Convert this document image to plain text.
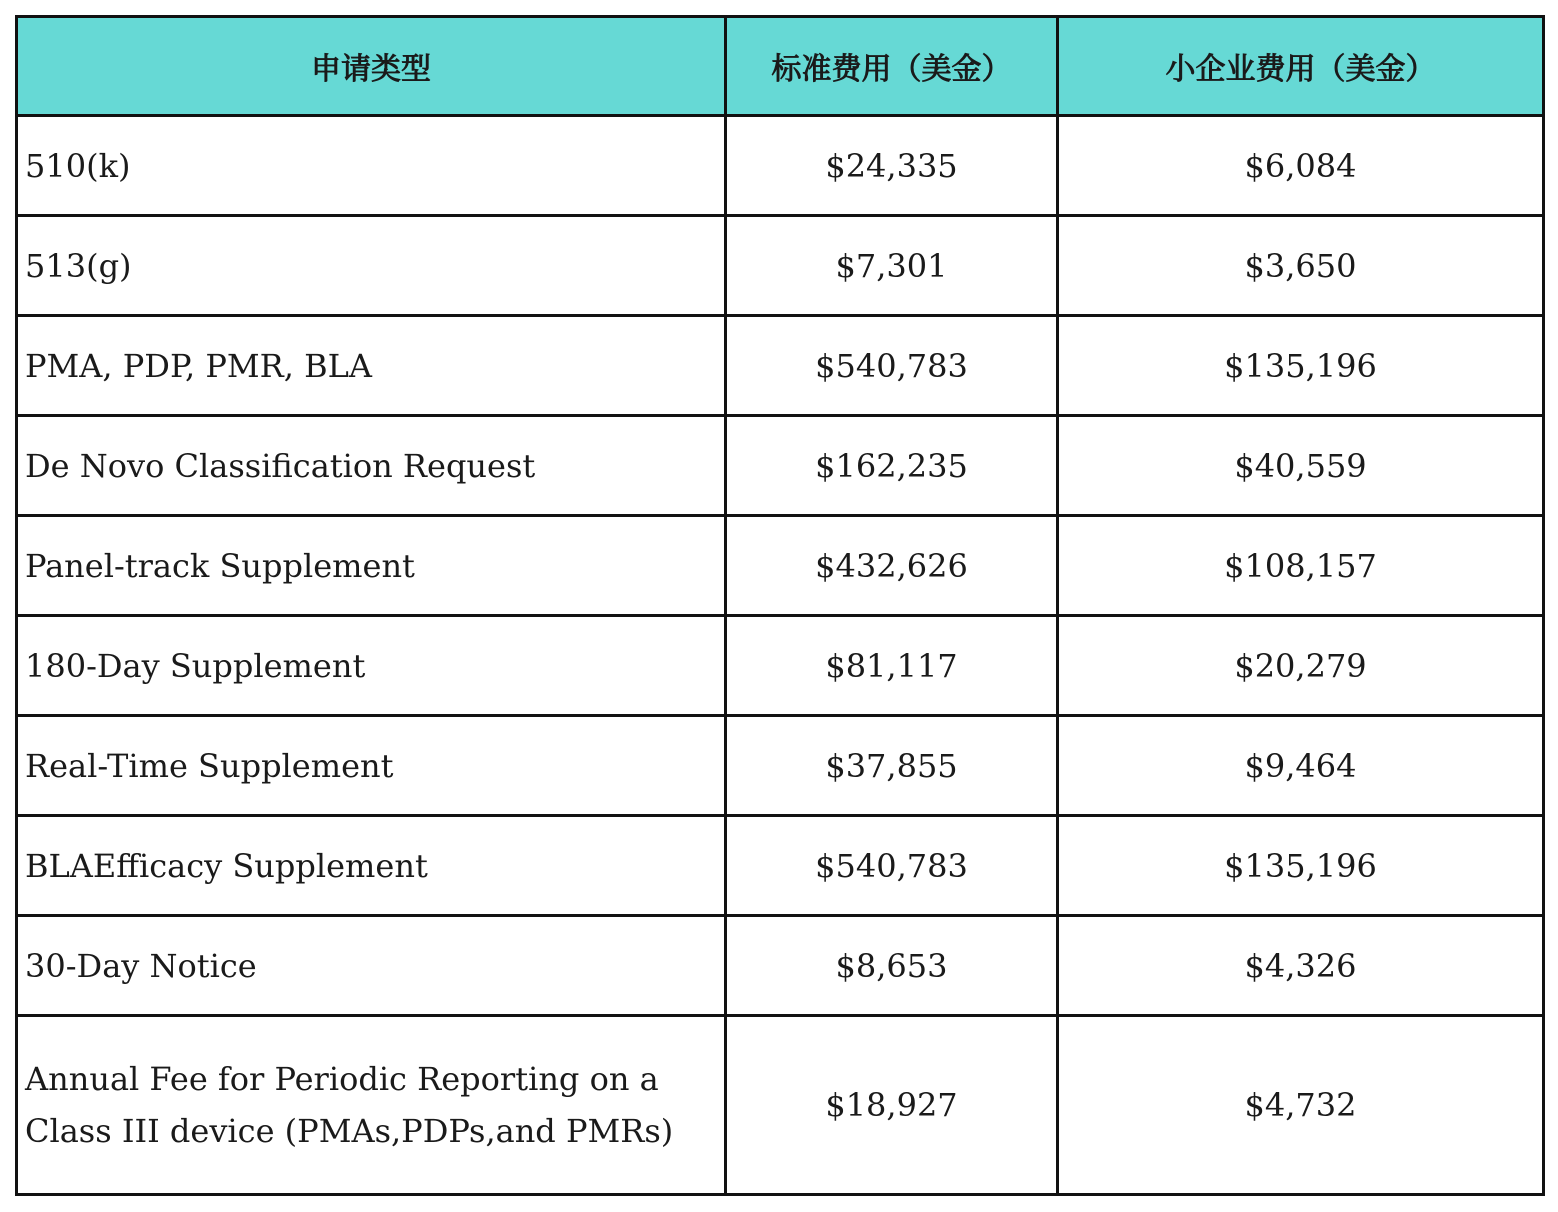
申请类型	标准费用（美金）	小企业费用（美金）
510(k)	$24,335	$6,084
513(g)	$7,301	$3,650
PMA, PDP, PMR, BLA	$540,783	$135,196
De Novo Classification Request	$162,235	$40,559
Panel-track Supplement	$432,626	$108,157
180-Day Supplement	$81,117	$20,279
Real-Time Supplement	$37,855	$9,464
BLAEfficacy Supplement	$540,783	$135,196
30-Day Notice	$8,653	$4,326
Annual Fee for Periodic Reporting on a Class III device (PMAs,PDPs,and PMRs)	$18,927	$4,732
